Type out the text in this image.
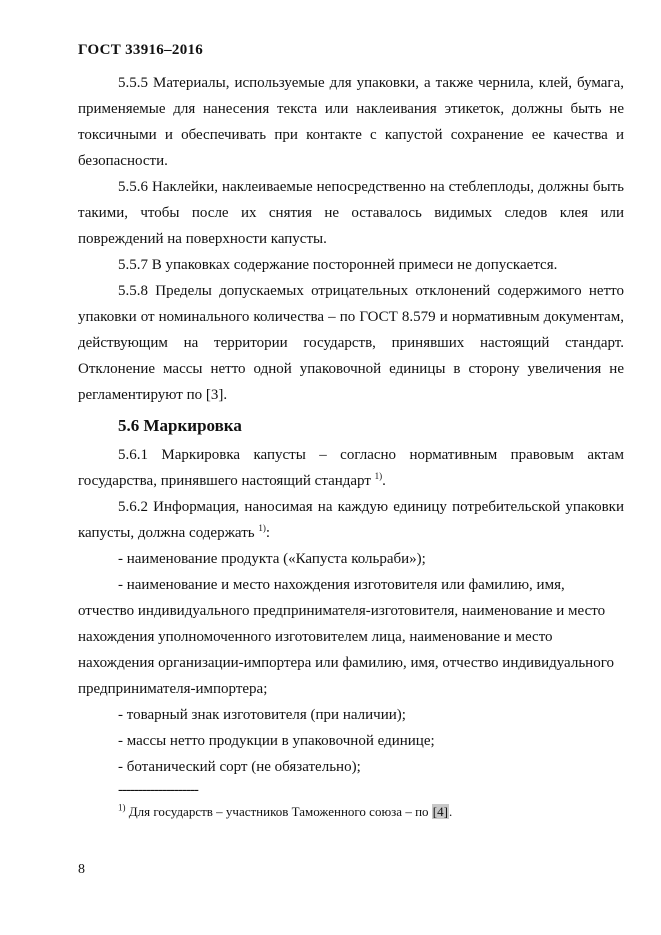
ГОСТ 33916–2016

5.5.5 Материалы, используемые для упаковки, а также чернила, клей, бумага, применяемые для нанесения текста или наклеивания этикеток, должны быть не токсичными и обеспечивать при контакте с капустой сохранение ее качества и безопасности.

5.5.6 Наклейки, наклеиваемые непосредственно на стеблеплоды, должны быть такими, чтобы после их снятия не оставалось видимых следов клея или повреждений на поверхности капусты.

5.5.7 В упаковках содержание посторонней примеси не допускается.

5.5.8 Пределы допускаемых отрицательных отклонений содержимого нетто упаковки от номинального количества – по ГОСТ 8.579 и нормативным документам, действующим на территории государств, принявших настоящий стандарт. Отклонение массы нетто одной упаковочной единицы в сторону увеличения не регламентируют по [3].

5.6 Маркировка

5.6.1 Маркировка капусты – согласно нормативным правовым актам государства, принявшего настоящий стандарт $^{1)}$.

5.6.2 Информация, наносимая на каждую единицу потребительской упаковки капусты, должна содержать $^{1)}$:

- наименование продукта («Капуста кольраби»);

- наименование и место нахождения изготовителя или фамилию, имя, отчество индивидуального предпринимателя-изготовителя, наименование и место нахождения уполномоченного изготовителем лица, наименование и место нахождения организации-импортера или фамилию, имя, отчество индивидуального предпринимателя-импортера;

- товарный знак изготовителя (при наличии);

- массы нетто продукции в упаковочной единице;

- ботанический сорт (не обязательно);

--------------------

$^{1)}$ Для государств – участников Таможенного союза – по [4].

8
